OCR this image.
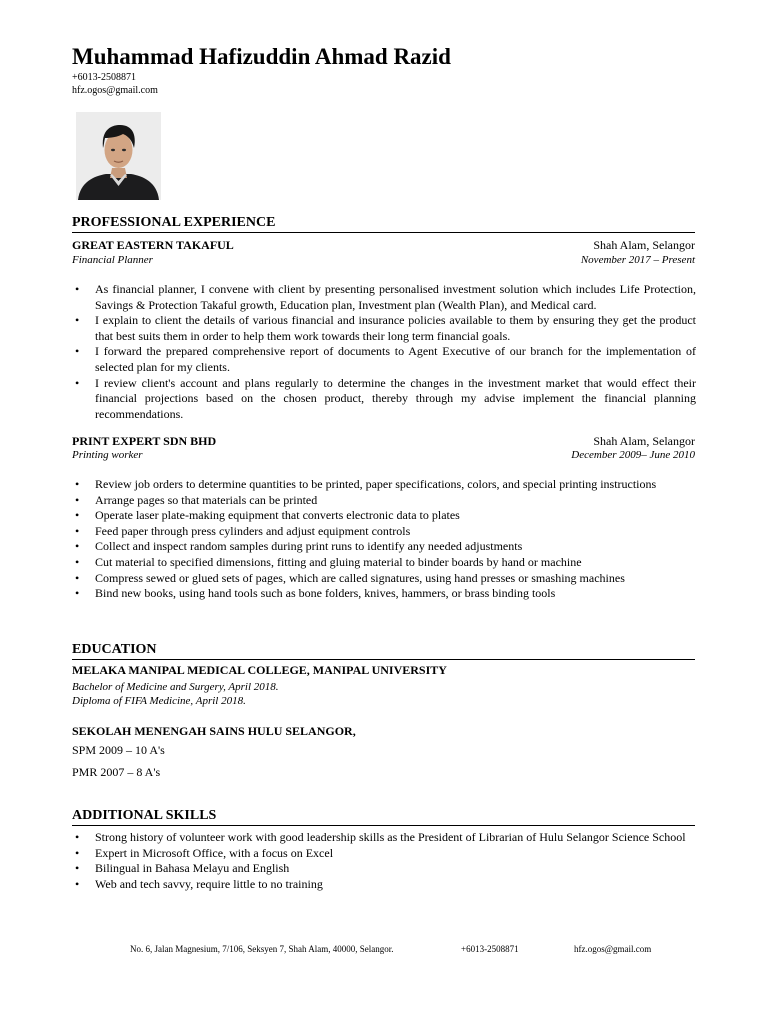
Muhammad Hafizuddin Ahmad Razid
+6013-2508871
hfz.ogos@gmail.com
PROFESSIONAL EXPERIENCE
GREAT EASTERN TAKAFUL	Shah Alam, Selangor
Financial Planner	November 2017 – Present
• As financial planner, I convene with client by presenting personalised investment solution which includes Life Protection, Savings & Protection Takaful growth, Education plan, Investment plan (Wealth Plan), and Medical card.
• I explain to client the details of various financial and insurance policies available to them by ensuring they get the product that best suits them in order to help them work towards their long term financial goals.
• I forward the prepared comprehensive report of documents to Agent Executive of our branch for the implementation of selected plan for my clients.
• I review client's account and plans regularly to determine the changes in the investment market that would effect their financial projections based on the chosen product, thereby through my advise implement the financial planning recommendations.
PRINT EXPERT SDN BHD	Shah Alam, Selangor
Printing worker	December 2009– June 2010
• Review job orders to determine quantities to be printed, paper specifications, colors, and special printing instructions
• Arrange pages so that materials can be printed
• Operate laser plate-making equipment that converts electronic data to plates
• Feed paper through press cylinders and adjust equipment controls
• Collect and inspect random samples during print runs to identify any needed adjustments
• Cut material to specified dimensions, fitting and gluing material to binder boards by hand or machine
• Compress sewed or glued sets of pages, which are called signatures, using hand presses or smashing machines
• Bind new books, using hand tools such as bone folders, knives, hammers, or brass binding tools
EDUCATION
MELAKA MANIPAL MEDICAL COLLEGE, MANIPAL UNIVERSITY
Bachelor of Medicine and Surgery, April 2018.
Diploma of FIFA Medicine, April 2018.
SEKOLAH MENENGAH SAINS HULU SELANGOR,
SPM 2009 – 10 A's
PMR 2007 – 8 A's
ADDITIONAL SKILLS
• Strong history of volunteer work with good leadership skills as the President of Librarian of Hulu Selangor Science School
• Expert in Microsoft Office, with a focus on Excel
• Bilingual in Bahasa Melayu and English
• Web and tech savvy, require little to no training
No. 6, Jalan Magnesium, 7/106, Seksyen 7, Shah Alam, 40000, Selangor.	+6013-2508871	hfz.ogos@gmail.com
